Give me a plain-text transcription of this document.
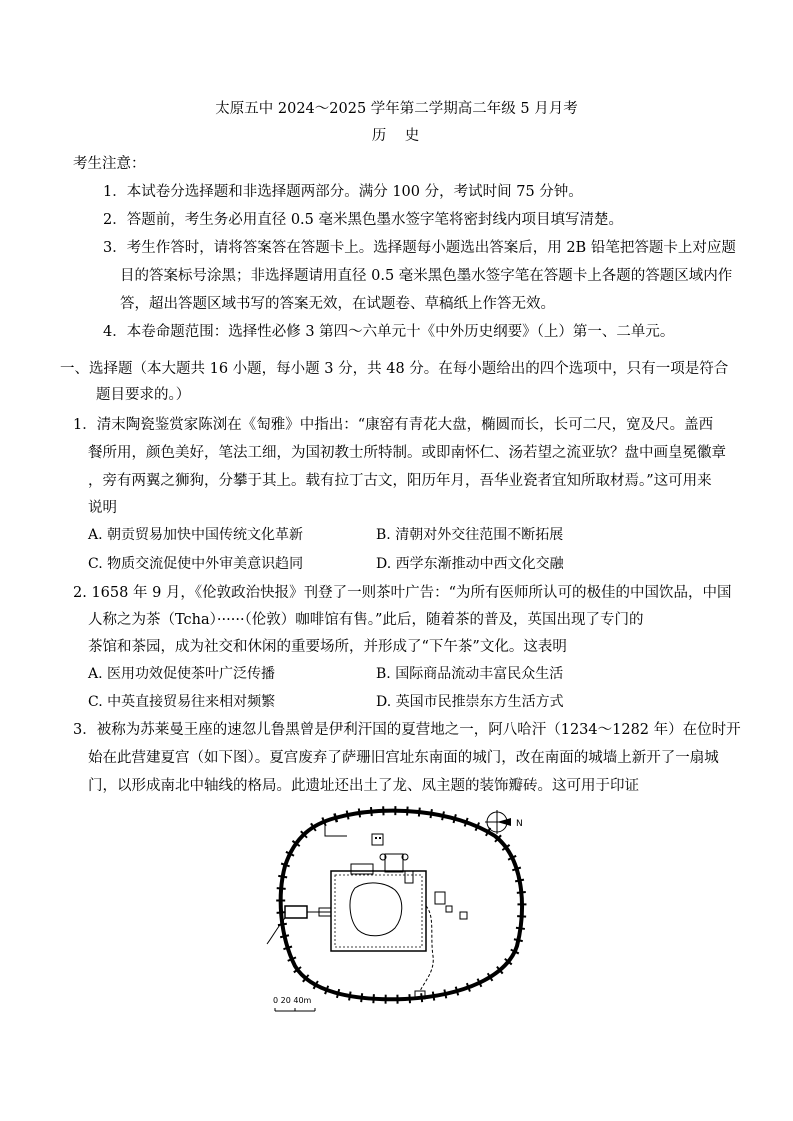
太原五中 2024～2025 学年第二学期高二年级 5 月月考
历　史
考生注意：
1．本试卷分选择题和非选择题两部分。满分 100 分，考试时间 75 分钟。
2．答题前，考生务必用直径 0.5 毫米黑色墨水签字笔将密封线内项目填写清楚。
3．考生作答时，请将答案答在答题卡上。选择题每小题选出答案后，用 2B 铅笔把答题卡上对应题
目的答案标号涂黑；非选择题请用直径 0.5 毫米黑色墨水签字笔在答题卡上各题的答题区域内作
答，超出答题区域书写的答案无效，在试题卷、草稿纸上作答无效。
4．本卷命题范围：选择性必修 3 第四～六单元十《中外历史纲要》（上）第一、二单元。
一、选择题（本大题共 16 小题，每小题 3 分，共 48 分。在每小题给出的四个选项中，只有一项是符合
题目要求的。）
1．清末陶瓷鉴赏家陈浏在《匋雅》中指出：“康窑有青花大盘，椭圆而长，长可二尺，宽及尺。盖西
餐所用，颜色美好，笔法工细，为国初教士所特制。或即南怀仁、汤若望之流亚欤？盘中画皇冕徽章
，旁有两翼之狮狗，分攀于其上。载有拉丁古文，阳历年月，吾华业瓷者宜知所取材焉。”这可用来
说明
A. 朝贡贸易加快中国传统文化革新	B. 清朝对外交往范围不断拓展
C. 物质交流促使中外审美意识趋同	D. 西学东渐推动中西文化交融
2. 1658 年 9 月，《伦敦政治快报》刊登了一则茶叶广告：“为所有医师所认可的极佳的中国饮品，中国
人称之为茶（Tcha）······（伦敦）咖啡馆有售。”此后，随着茶的普及，英国出现了专门的
茶馆和茶园，成为社交和休闲的重要场所，并形成了“下午茶”文化。这表明
A. 医用功效促使茶叶广泛传播	B. 国际商品流动丰富民众生活
C. 中英直接贸易往来相对频繁	D. 英国市民推崇东方生活方式
3．被称为苏莱曼王座的速忽儿鲁黑曾是伊利汗国的夏营地之一，阿八哈汗（1234～1282 年）在位时开
始在此营建夏宫（如下图）。夏宫废弃了萨珊旧宫址东南面的城门，改在南面的城墙上新开了一扇城
门，以形成南北中轴线的格局。此遗址还出土了龙、凤主题的装饰瓣砖。这可用于印证
N
0 20 40m
